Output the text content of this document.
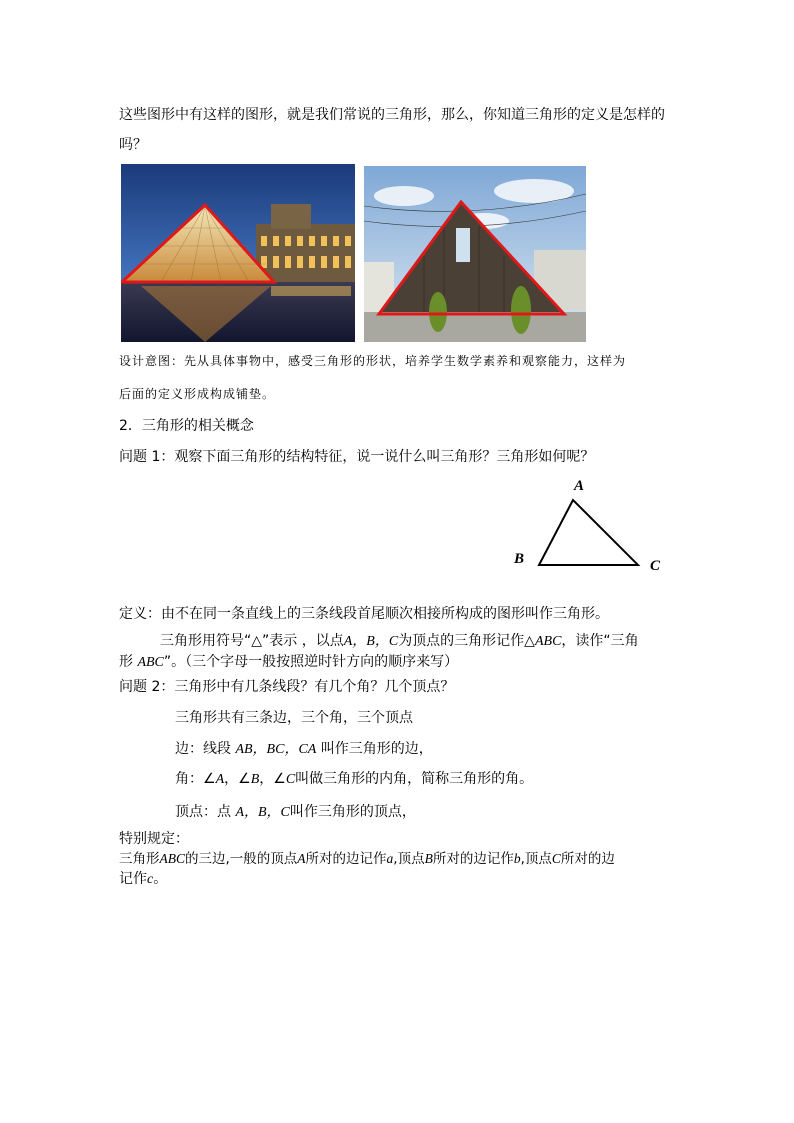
这些图形中有这样的图形，就是我们常说的三角形，那么，你知道三角形的定义是怎样的
吗？
设计意图：先从具体事物中，感受三角形的形状，培养学生数学素养和观察能力，这样为
后面的定义形成构成铺垫。
2．三角形的相关概念
问题 1：观察下面三角形的结构特征，说一说什么叫三角形？三角形如何呢？
A
B	C
定义：由不在同一条直线上的三条线段首尾顺次相接所构成的图形叫作三角形。
三角形用符号“△”表示 ，以点A，B，C为顶点的三角形记作△ABC，读作“三角
形 ABC”。（三个字母一般按照逆时针方向的顺序来写）
问题 2：三角形中有几条线段？有几个角？几个顶点？
三角形共有三条边，三个角，三个顶点
边：线段 AB，BC，CA 叫作三角形的边，
角：∠A，∠B，∠C叫做三角形的内角，简称三角形的角。
顶点：点 A，B，C叫作三角形的顶点，
特别规定：
三角形ABC的三边,一般的顶点A所对的边记作a,顶点B所对的边记作b,顶点C所对的边
记作c。
